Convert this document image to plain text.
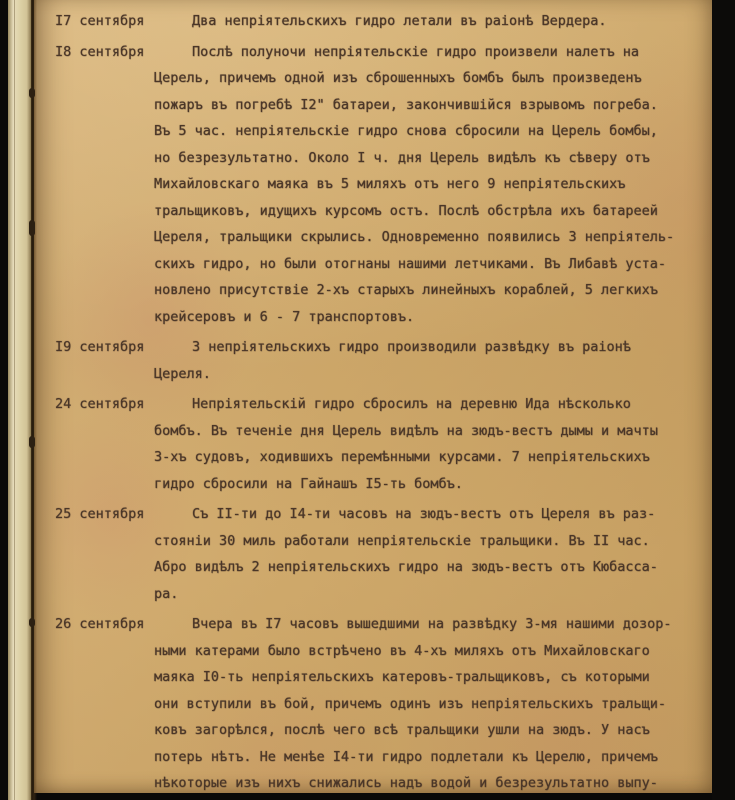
I7 сентября	Два непріятельскихъ гидро летали въ раіонѣ Вердера.
I8 сентября	Послѣ полуночи непріятельскіе гидро произвели налетъ на
Церель, причемъ одной изъ сброшенныхъ бомбъ былъ произведенъ
пожаръ въ погребѣ I2" батареи, закончившійся взрывомъ погреба.
Въ 5 час. непріятельскіе гидро снова сбросили на Церель бомбы,
но безрезультатно. Около I ч. дня Церель видѣлъ къ сѣверу отъ
Михайловскаго маяка въ 5 миляхъ отъ него 9 непріятельскихъ
тральщиковъ, идущихъ курсомъ остъ. Послѣ обстрѣла ихъ батареей
Цереля, тральщики скрылись. Одновременно появились 3 непріятель-
скихъ гидро, но были отогнаны нашими летчиками. Въ Либавѣ уста-
новлено присутствіе 2-хъ старыхъ линейныхъ кораблей, 5 легкихъ
крейсеровъ и 6 - 7 транспортовъ.
I9 сентября	3 непріятельскихъ гидро производили развѣдку въ раіонѣ
Цереля.
24 сентября	Непріятельскій гидро сбросилъ на деревню Ида нѣсколько
бомбъ. Въ теченіе дня Церель видѣлъ на зюдъ-вестъ дымы и мачты
3-хъ судовъ, ходившихъ перемѣнными курсами. 7 непріятельскихъ
гидро сбросили на Гайнашъ I5-ть бомбъ.
25 сентября	Съ II-ти до I4-ти часовъ на зюдъ-вестъ отъ Цереля въ раз-
стояніи 30 миль работали непріятельскіе тральщики. Въ II час.
Абро видѣлъ 2 непріятельскихъ гидро на зюдъ-вестъ отъ Кюбасса-
ра.
26 сентября	Вчера въ I7 часовъ вышедшими на развѣдку 3-мя нашими дозор-
ными катерами было встрѣчено въ 4-хъ миляхъ отъ Михайловскаго
маяка I0-ть непріятельскихъ катеровъ-тральщиковъ, съ которыми
они вступили въ бой, причемъ одинъ изъ непріятельскихъ тральщи-
ковъ загорѣлся, послѣ чего всѣ тральщики ушли на зюдъ. У насъ
потерь нѣтъ. Не менѣе I4-ти гидро подлетали къ Церелю, причемъ
нѣкоторые изъ нихъ снижались надъ водой и безрезультатно выпу-
